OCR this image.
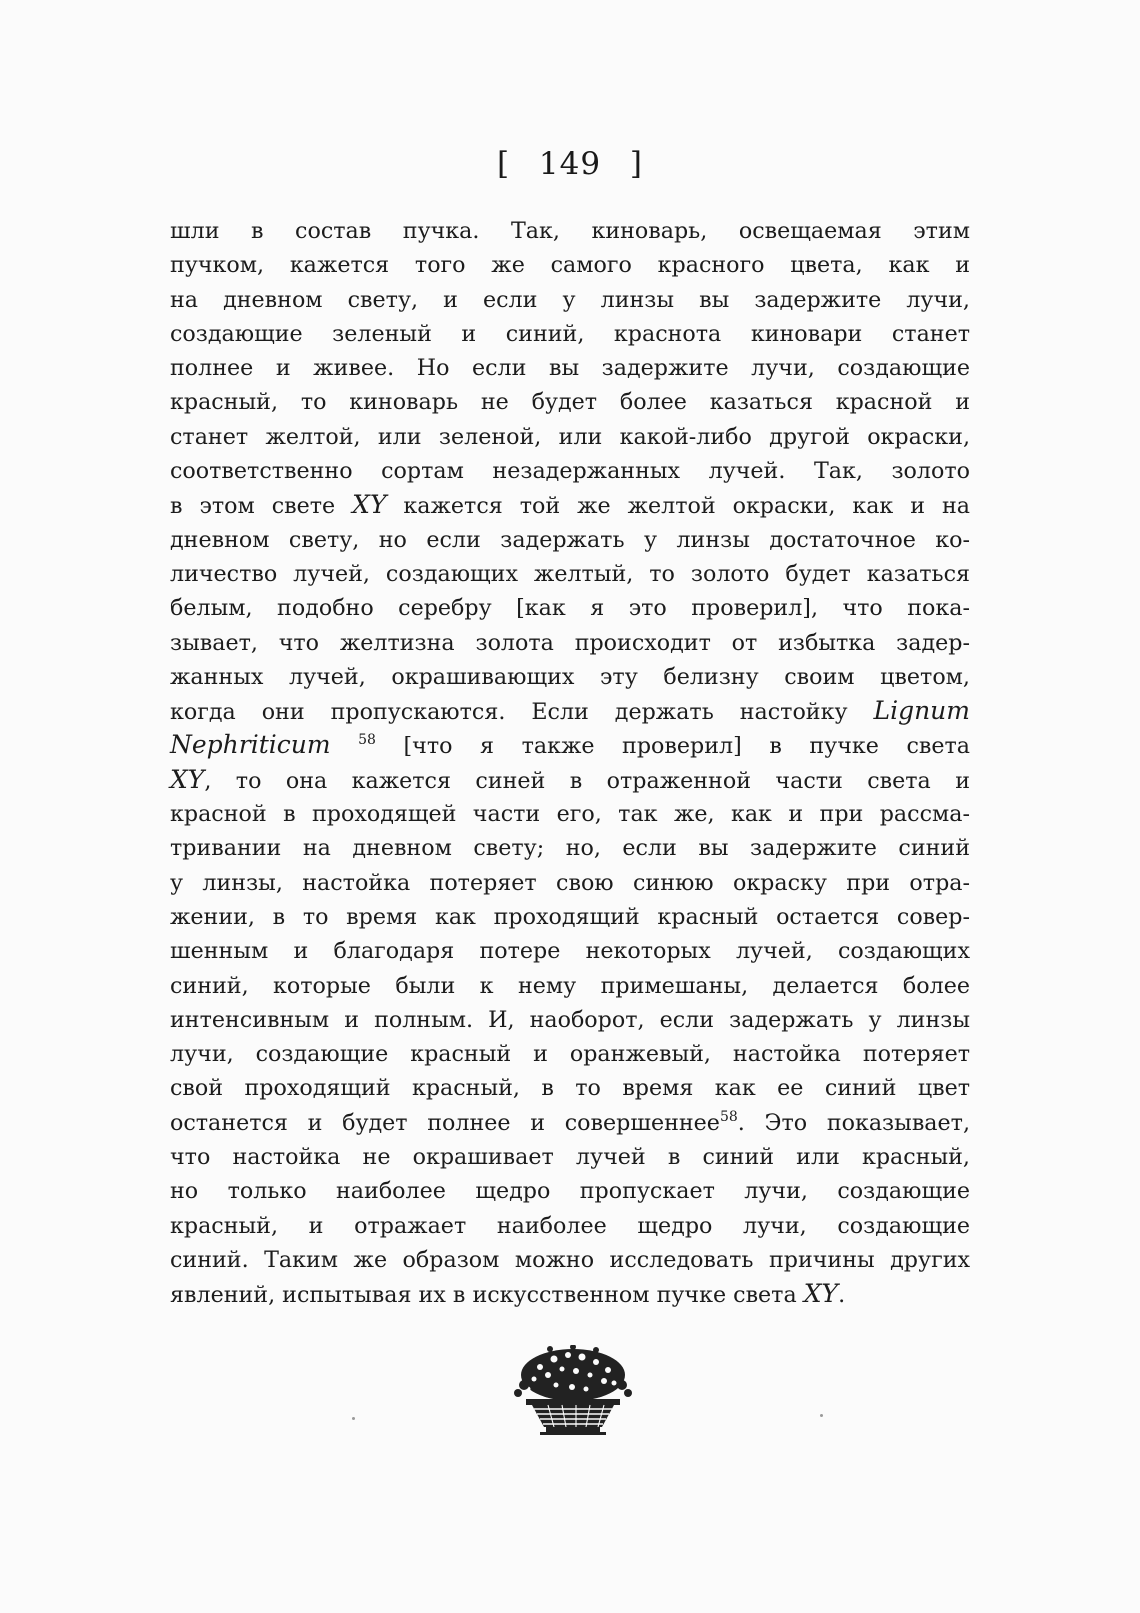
[ 149 ]
шли в состав пучка. Так, киноварь, освещаемая этим
пучком, кажется того же самого красного цвета, как и
на дневном свету, и если у линзы вы задержите лучи,
создающие зеленый и синий, краснота киновари станет
полнее и живее. Но если вы задержите лучи, создающие
красный, то киноварь не будет более казаться красной и
станет желтой, или зеленой, или какой-либо другой окраски,
соответственно сортам незадержанных лучей. Так, золото
в этом свете XY кажется той же желтой окраски, как и на
дневном свету, но если задержать у линзы достаточное ко-
личество лучей, создающих желтый, то золото будет казаться
белым, подобно серебру [как я это проверил], что пока-
зывает, что желтизна золота происходит от избытка задер-
жанных лучей, окрашивающих эту белизну своим цветом,
когда они пропускаются. Если держать настойку Lignum
Nephriticum $^{58}$ [что я также проверил] в пучке света
XY, то она кажется синей в отраженной части света и
красной в проходящей части его, так же, как и при рассма-
тривании на дневном свету; но, если вы задержите синий
у линзы, настойка потеряет свою синюю окраску при отра-
жении, в то время как проходящий красный остается совер-
шенным и благодаря потере некоторых лучей, создающих
синий, которые были к нему примешаны, делается более
интенсивным и полным. И, наоборот, если задержать у линзы
лучи, создающие красный и оранжевый, настойка потеряет
свой проходящий красный, в то время как ее синий цвет
останется и будет полнее и совершеннее$^{58}$. Это показывает,
что настойка не окрашивает лучей в синий или красный,
но только наиболее щедро пропускает лучи, создающие
красный, и отражает наиболее щедро лучи, создающие
синий. Таким же образом можно исследовать причины других
явлений, испытывая их в искусственном пучке света XY.
